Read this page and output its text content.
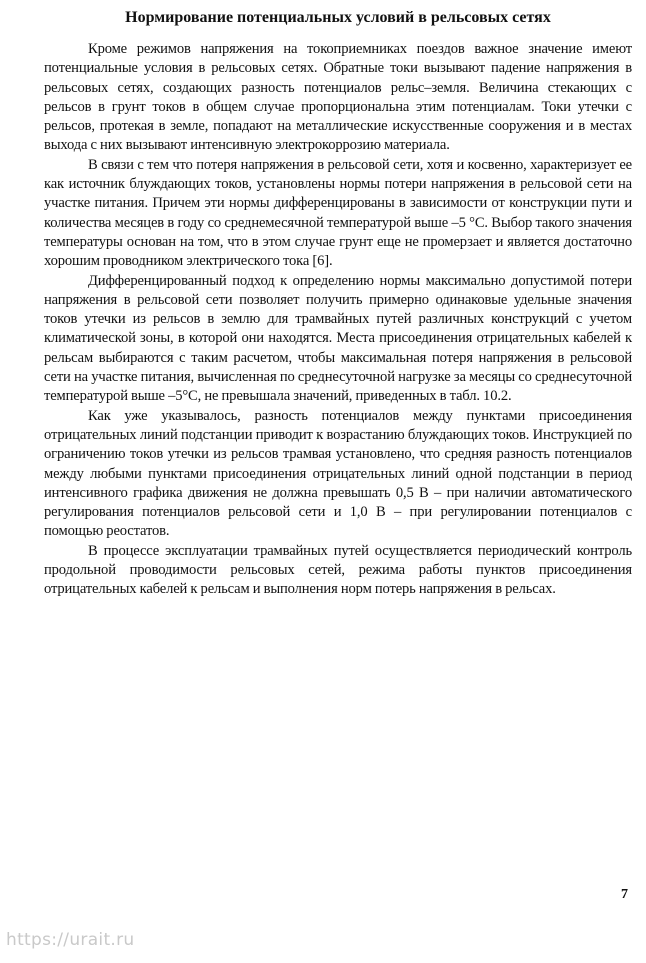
Нормирование потенциальных условий в рельсовых сетях

Кроме режимов напряжения на токоприемниках поездов важное значение имеют потенциальные условия в рельсовых сетях. Обратные токи вызывают падение напряжения в рельсовых сетях, создающих разность потенциалов рельс–земля. Величина стекающих с рельсов в грунт токов в общем случае пропорциональна этим потенциалам. Токи утечки с рельсов, протекая в земле, попадают на металлические искусственные сооружения и в местах выхода с них вызывают интенсивную электрокоррозию материала.

В связи с тем что потеря напряжения в рельсовой сети, хотя и косвенно, характеризует ее как источник блуждающих токов, установлены нормы потери напряжения в рельсовой сети на участке питания. Причем эти нормы дифференцированы в зависимости от конструкции пути и количества месяцев в году со среднемесячной температурой выше –5 °С. Выбор такого значения температуры основан на том, что в этом случае грунт еще не промерзает и является достаточно хорошим проводником электрического тока [6].

Дифференцированный подход к определению нормы максимально допустимой потери напряжения в рельсовой сети позволяет получить примерно одинаковые удельные значения токов утечки из рельсов в землю для трамвайных путей различных конструкций с учетом климатической зоны, в которой они находятся. Места присоединения отрицательных кабелей к рельсам выбираются с таким расчетом, чтобы максимальная потеря напряжения в рельсовой сети на участке питания, вычисленная по среднесуточной нагрузке за месяцы со среднесуточной температурой выше –5°С, не превышала значений, приведенных в табл. 10.2.

Как уже указывалось, разность потенциалов между пунктами присоединения отрицательных линий подстанции приводит к возрастанию блуждающих токов. Инструкцией по ограничению токов утечки из рельсов трамвая установлено, что средняя разность потенциалов между любыми пунктами присоединения отрицательных линий одной подстанции в период интенсивного графика движения не должна превышать 0,5 В – при наличии автоматического регулирования потенциалов рельсовой сети и 1,0 В – при регулировании потенциалов с помощью реостатов.

В процессе эксплуатации трамвайных путей осуществляется периодический контроль продольной проводимости рельсовых сетей, режима работы пунктов присоединения отрицательных кабелей к рельсам и выполнения норм потерь напряжения в рельсах.

7
https://urait.ru
